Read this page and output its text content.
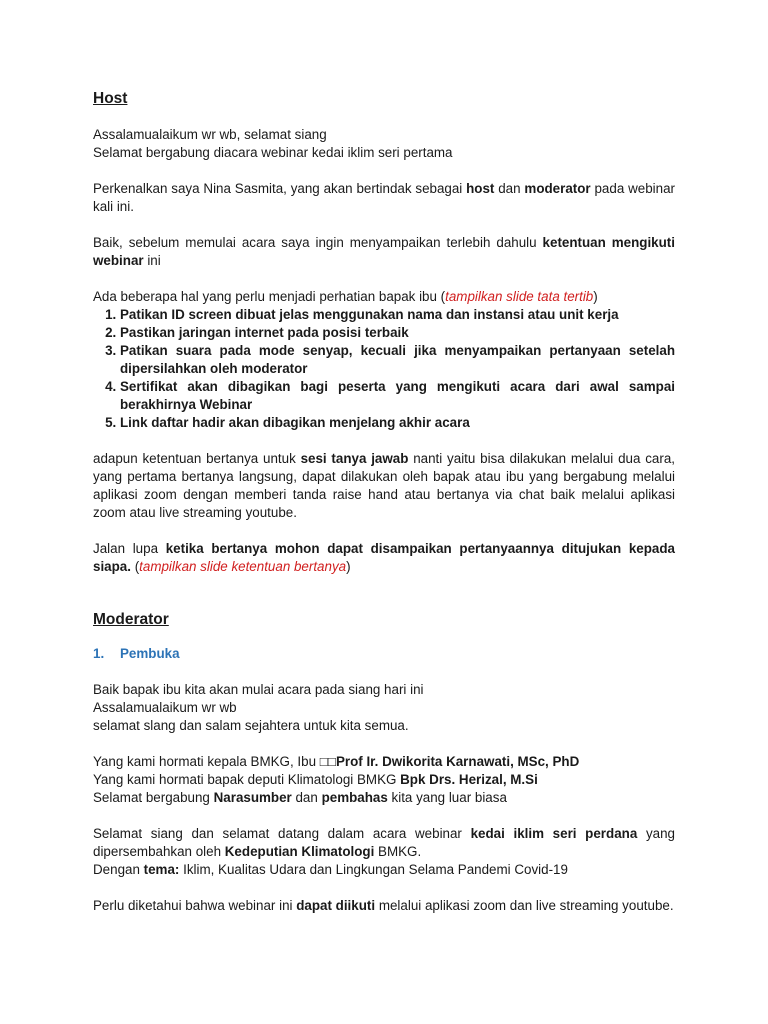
Host

Assalamualaikum wr wb, selamat siang

Selamat bergabung diacara webinar kedai iklim seri pertama

Perkenalkan saya Nina Sasmita, yang akan bertindak sebagai host dan moderator pada webinar kali ini.

Baik, sebelum memulai acara saya ingin menyampaikan terlebih dahulu ketentuan mengikuti webinar ini

Ada beberapa hal yang perlu menjadi perhatian bapak ibu (tampilkan slide tata tertib)

1. Patikan ID screen dibuat jelas menggunakan nama dan instansi atau unit kerja
2. Pastikan jaringan internet pada posisi terbaik
3. Patikan suara pada mode senyap, kecuali jika menyampaikan pertanyaan setelah dipersilahkan oleh moderator
4. Sertifikat akan dibagikan bagi peserta yang mengikuti acara dari awal sampai berakhirnya Webinar
5. Link daftar hadir akan dibagikan menjelang akhir acara

adapun ketentuan bertanya untuk sesi tanya jawab nanti yaitu bisa dilakukan melalui dua cara, yang pertama bertanya langsung, dapat dilakukan oleh bapak atau ibu yang bergabung melalui aplikasi zoom dengan memberi tanda raise hand atau bertanya via chat baik melalui aplikasi zoom atau live streaming youtube.

Jalan lupa ketika bertanya mohon dapat disampaikan pertanyaannya ditujukan kepada siapa. (tampilkan slide ketentuan bertanya)

Moderator
1.	Pembuka

Baik bapak ibu kita akan mulai acara pada siang hari ini

Assalamualaikum wr wb

selamat slang dan salam sejahtera untuk kita semua.

Yang kami hormati kepala BMKG, Ibu □□Prof Ir. Dwikorita Karnawati, MSc, PhD

Yang kami hormati bapak deputi Klimatologi BMKG Bpk Drs. Herizal, M.Si

Selamat bergabung Narasumber dan pembahas kita yang luar biasa

Selamat siang dan selamat datang dalam acara webinar kedai iklim seri perdana yang dipersembahkan oleh Kedeputian Klimatologi BMKG.

Dengan tema: Iklim, Kualitas Udara dan Lingkungan Selama Pandemi Covid-19

Perlu diketahui bahwa webinar ini dapat diikuti melalui aplikasi zoom dan live streaming youtube.
